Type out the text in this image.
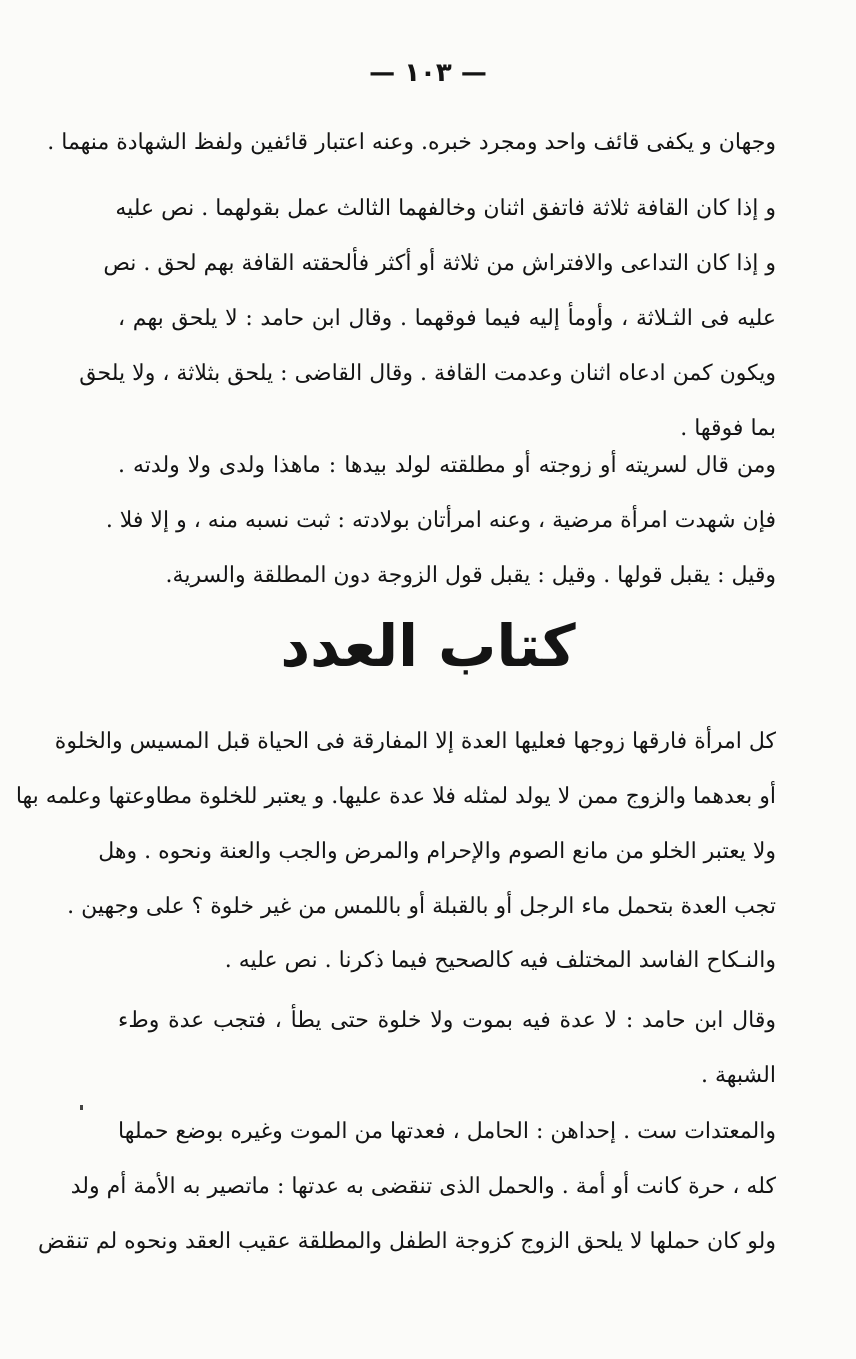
— ١٠٣ —
وجهان و يكفى قائف واحد ومجرد خبره. وعنه اعتبار قائفين ولفظ الشهادة منهما .
و إذا كان القافة ثلاثة فاتفق اثنان وخالفهما الثالث عمل بقولهما . نص عليه
و إذا كان التداعى والافتراش من ثلاثة أو أكثر فألحقته القافة بهم لحق . نص
عليه فى الثـلاثة ، وأومأ إليه فيما فوقهما . وقال ابن حامد : لا يلحق بهم ،
ويكون كمن ادعاه اثنان وعدمت القافة . وقال القاضى : يلحق بثلاثة ، ولا يلحق
بما فوقها .
ومن قال لسريته أو زوجته أو مطلقته لولد بيدها : ماهذا ولدى ولا ولدته .
فإن شهدت امرأة مرضية ، وعنه امرأتان بولادته : ثبت نسبه منه ، و إلا فلا .
وقيل : يقبل قولها . وقيل : يقبل قول الزوجة دون المطلقة والسرية.
كتاب العدد
كل امرأة فارقها زوجها فعليها العدة إلا المفارقة فى الحياة قبل المسيس والخلوة
أو بعدهما والزوج ممن لا يولد لمثله فلا عدة عليها. و يعتبر للخلوة مطاوعتها وعلمه بها
ولا يعتبر الخلو من مانع الصوم والإحرام والمرض والجب والعنة ونحوه . وهل
تجب العدة بتحمل ماء الرجل أو بالقبلة أو باللمس من غير خلوة ؟ على وجهين .
والنـكاح الفاسد المختلف فيه كالصحيح فيما ذكرنا . نص عليه .
وقال ابن حامد : لا عدة فيه بموت ولا خلوة حتى يطأ ، فتجب عدة وطء
الشبهة .
والمعتدات ست . إحداهن : الحامل ، فعدتها من الموت وغيره بوضع حملها
كله ، حرة كانت أو أمة . والحمل الذى تنقضى به عدتها : ماتصير به الأمة أم ولد
ولو كان حملها لا يلحق الزوج كزوجة الطفل والمطلقة عقيب العقد ونحوه لم تنقض
